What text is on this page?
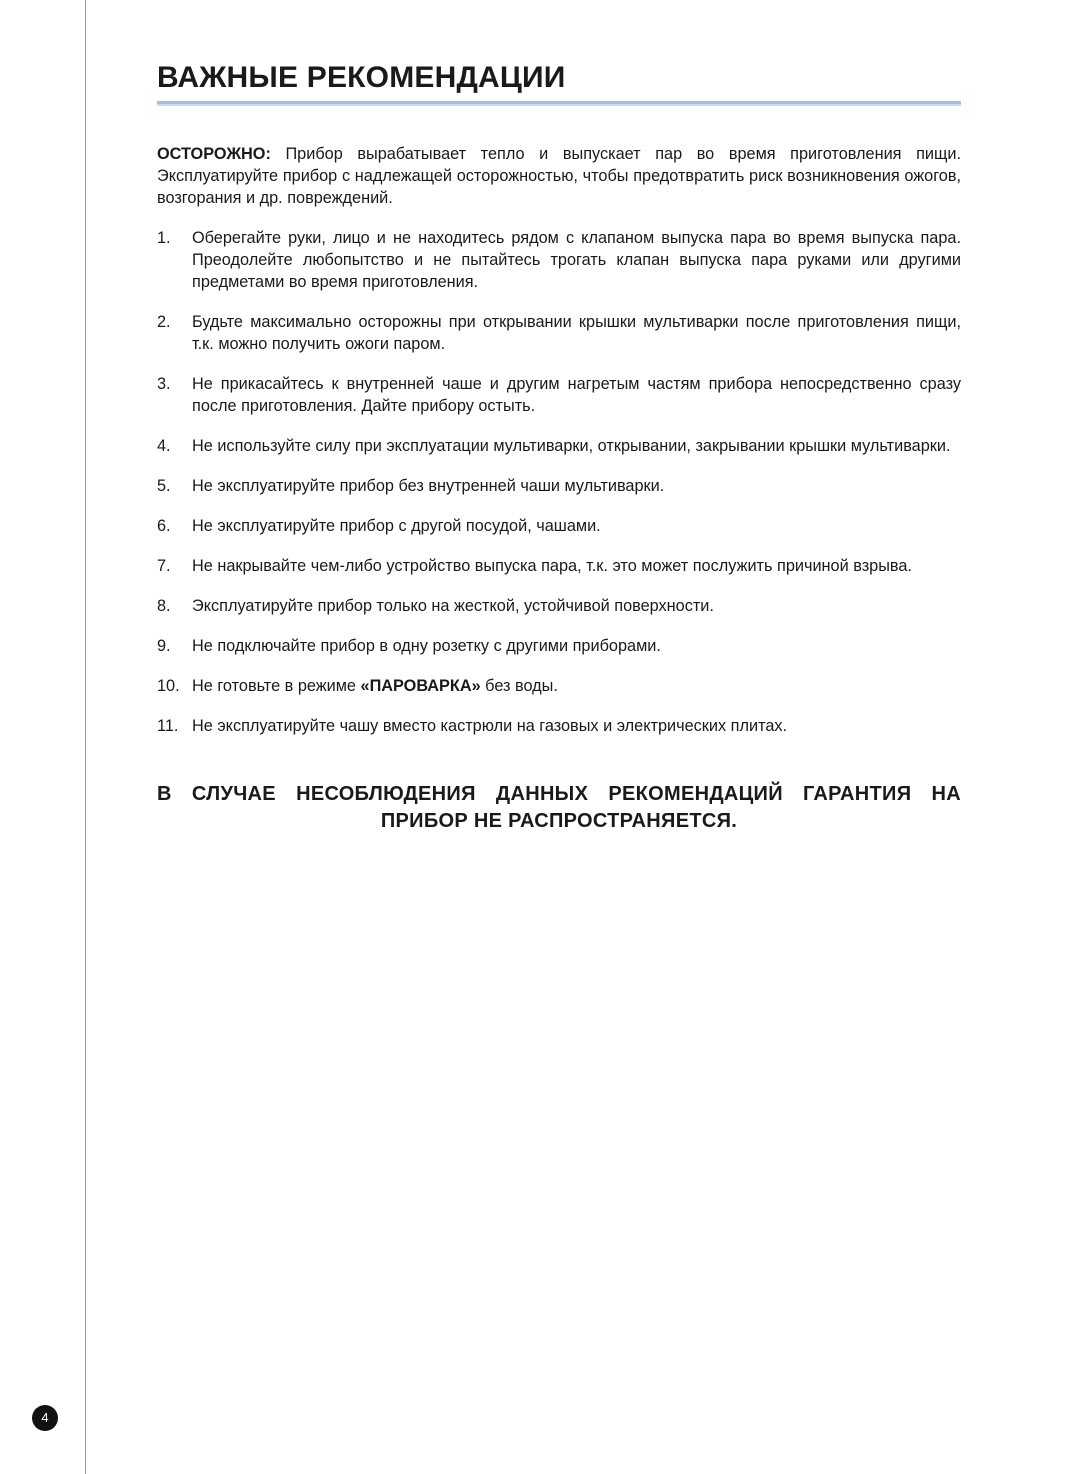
ВАЖНЫЕ РЕКОМЕНДАЦИИ

ОСТОРОЖНО: Прибор вырабатывает тепло и выпускает пар во время приготовления пищи. Эксплуатируйте прибор с надлежащей осторожностью, чтобы предотвратить риск возникновения ожогов, возгорания и др. повреждений.

1.	Оберегайте руки, лицо и не находитесь рядом с клапаном выпуска пара во время выпуска пара. Преодолейте любопытство и не пытайтесь трогать клапан выпуска пара руками или другими предметами во время приготовления.
2.	Будьте максимально осторожны при открывании крышки мультиварки после приготовления пищи, т.к. можно получить ожоги паром.
3.	Не прикасайтесь к внутренней чаше и другим нагретым частям прибора непосредственно сразу после приготовления. Дайте прибору остыть.
4.	Не используйте силу при эксплуатации мультиварки, открывании, закрывании крышки мультиварки.
5.	Не эксплуатируйте прибор без внутренней чаши мультиварки.
6.	Не эксплуатируйте прибор с другой посудой, чашами.
7.	Не накрывайте чем-либо устройство выпуска пара, т.к. это может послужить причиной взрыва.
8.	Эксплуатируйте прибор только на жесткой, устойчивой поверхности.
9.	Не подключайте прибор в одну розетку с другими приборами.
10. Не готовьте в режиме «ПАРОВАРКА» без воды.
11. Не эксплуатируйте чашу вместо кастрюли на газовых и электрических плитах.
В СЛУЧАЕ НЕСОБЛЮДЕНИЯ ДАННЫХ РЕКОМЕНДАЦИЙ ГАРАНТИЯ НА
ПРИБОР НЕ РАСПРОСТРАНЯЕТСЯ.
4
